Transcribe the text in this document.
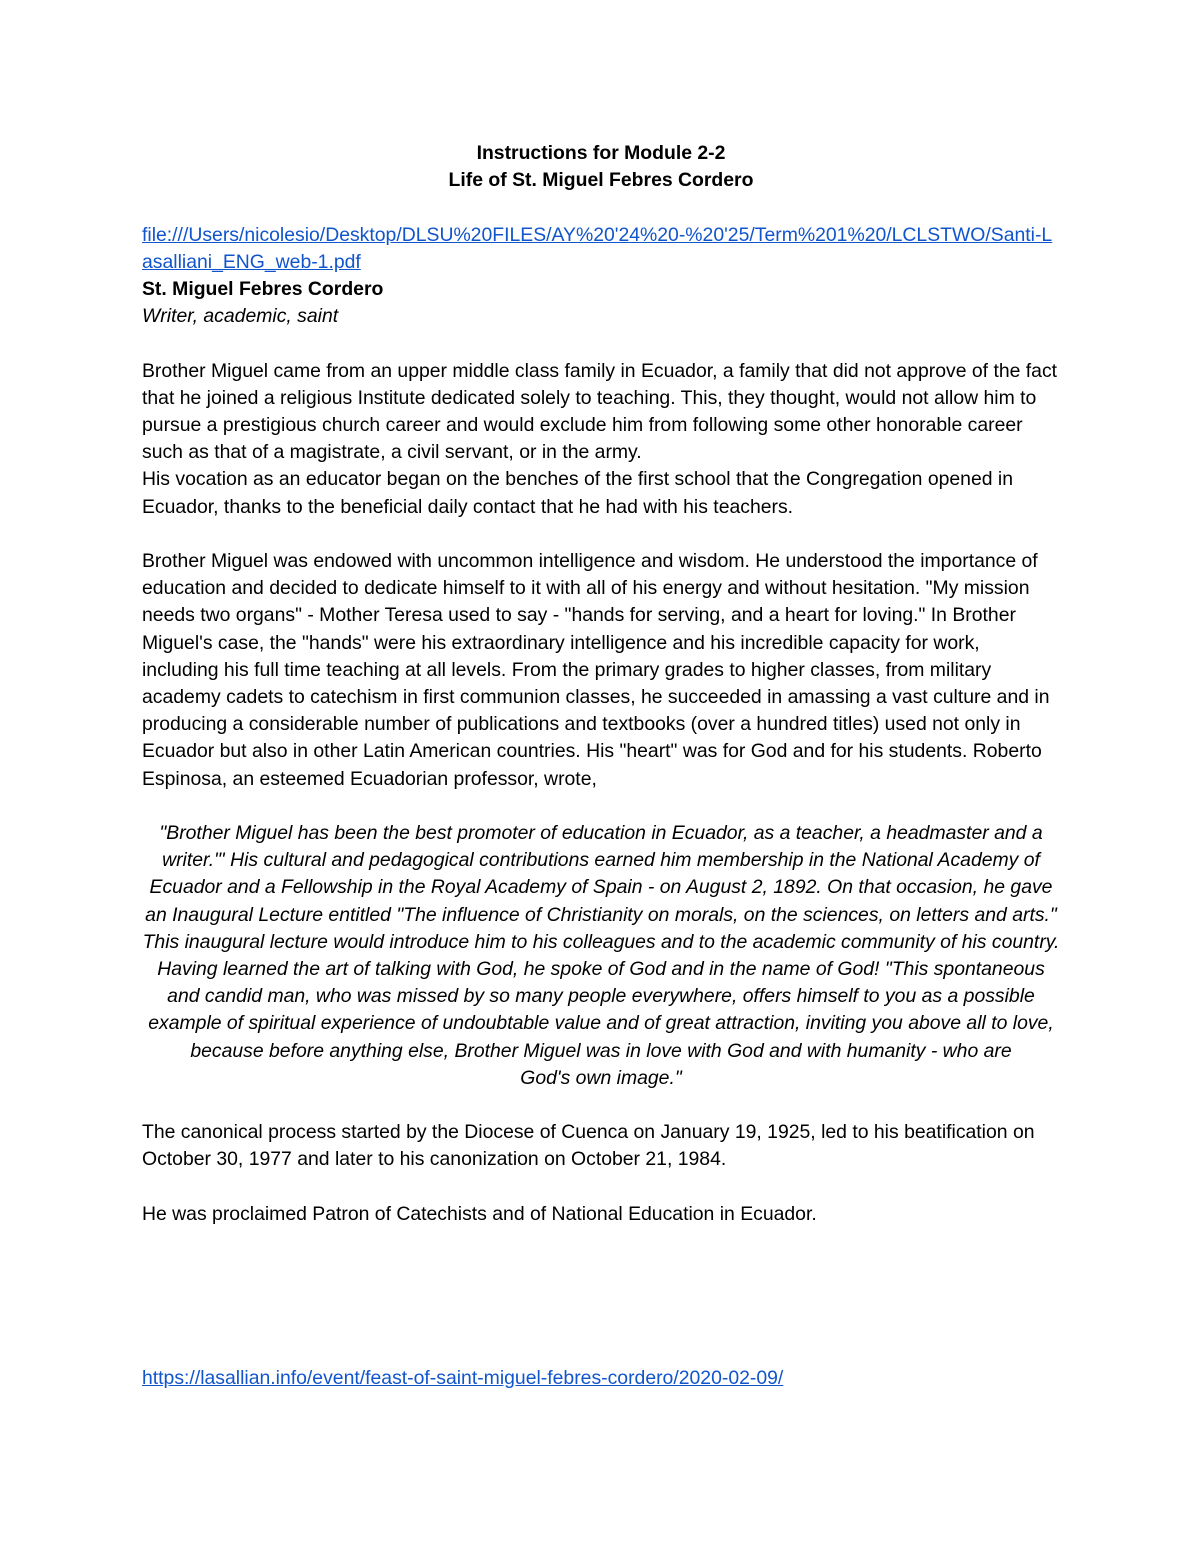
Instructions for Module 2-2

Life of St. Miguel Febres Cordero

file:///Users/nicolesio/Desktop/DLSU%20FILES/AY%20'24%20-%20'25/Term%201%20/LCLSTWO/Santi-Lasalliani_ENG_web-1.pdf

St. Miguel Febres Cordero

Writer, academic, saint

Brother Miguel came from an upper middle class family in Ecuador, a family that did not approve of the fact that he joined a religious Institute dedicated solely to teaching. This, they thought, would not allow him to pursue a prestigious church career and would exclude him from following some other honorable career such as that of a magistrate, a civil servant, or in the army.

His vocation as an educator began on the benches of the first school that the Congregation opened in Ecuador, thanks to the beneficial daily contact that he had with his teachers.

Brother Miguel was endowed with uncommon intelligence and wisdom. He understood the importance of education and decided to dedicate himself to it with all of his energy and without hesitation. "My mission needs two organs" - Mother Teresa used to say - "hands for serving, and a heart for loving." In Brother Miguel's case, the "hands" were his extraordinary intelligence and his incredible capacity for work, including his full time teaching at all levels. From the primary grades to higher classes, from military academy cadets to catechism in first communion classes, he succeeded in amassing a vast culture and in producing a considerable number of publications and textbooks (over a hundred titles) used not only in Ecuador but also in other Latin American countries. His "heart" was for God and for his students. Roberto Espinosa, an esteemed Ecuadorian professor, wrote,

"Brother Miguel has been the best promoter of education in Ecuador, as a teacher, a headmaster and a writer."' His cultural and pedagogical contributions earned him membership in the National Academy of Ecuador and a Fellowship in the Royal Academy of Spain - on August 2, 1892. On that occasion, he gave an Inaugural Lecture entitled "The influence of Christianity on morals, on the sciences, on letters and arts." This inaugural lecture would introduce him to his colleagues and to the academic community of his country. Having learned the art of talking with God, he spoke of God and in the name of God! "This spontaneous and candid man, who was missed by so many people everywhere, offers himself to you as a possible example of spiritual experience of undoubtable value and of great attraction, inviting you above all to love, because before anything else, Brother Miguel was in love with God and with humanity - who are

God's own image."

The canonical process started by the Diocese of Cuenca on January 19, 1925, led to his beatification on October 30, 1977 and later to his canonization on October 21, 1984.

He was proclaimed Patron of Catechists and of National Education in Ecuador.

https://lasallian.info/event/feast-of-saint-miguel-febres-cordero/2020-02-09/
